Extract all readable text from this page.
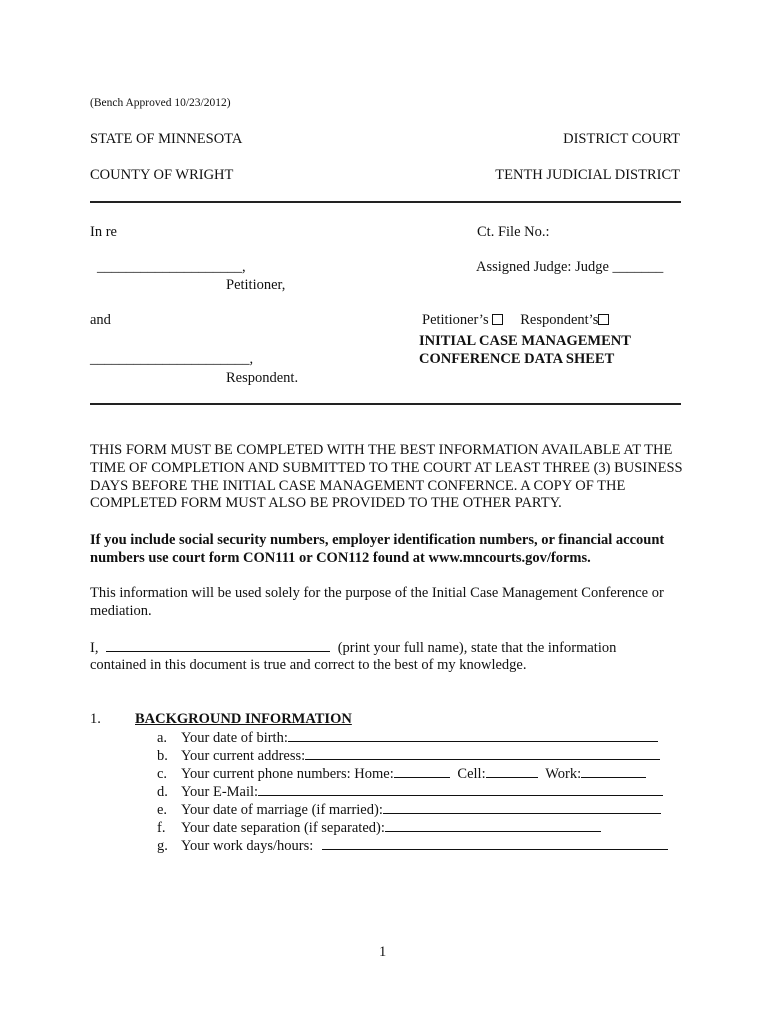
(Bench Approved 10/23/2012)
STATE OF MINNESOTA	DISTRICT COURT
COUNTY OF WRIGHT	TENTH JUDICIAL DISTRICT
In re	Ct. File No.:
____________________,	Assigned Judge: Judge _______
Petitioner,
and	Petitioner’s Respondent’s
INITIAL CASE MANAGEMENT
CONFERENCE DATA SHEET
______________________,
Respondent.
THIS FORM MUST BE COMPLETED WITH THE BEST INFORMATION AVAILABLE AT THE TIME OF COMPLETION AND SUBMITTED TO THE COURT AT LEAST THREE (3) BUSINESS DAYS BEFORE THE INITIAL CASE MANAGEMENT CONFERNCE. A COPY OF THE COMPLETED FORM MUST ALSO BE PROVIDED TO THE OTHER PARTY.
If you include social security numbers, employer identification numbers, or financial account numbers use court form CON111 or CON112 found at www.mncourts.gov/forms.
This information will be used solely for the purpose of the Initial Case Management Conference or mediation.
I,	(print your full name), state that the information
contained in this document is true and correct to the best of my knowledge.
1. BACKGROUND INFORMATION
a. Your date of birth:
b. Your current address:
c. Your current phone numbers: Home:	Cell:	Work:
d. Your E-Mail:
e. Your date of marriage (if married):
f. Your date separation (if separated):
g. Your work days/hours:
1
